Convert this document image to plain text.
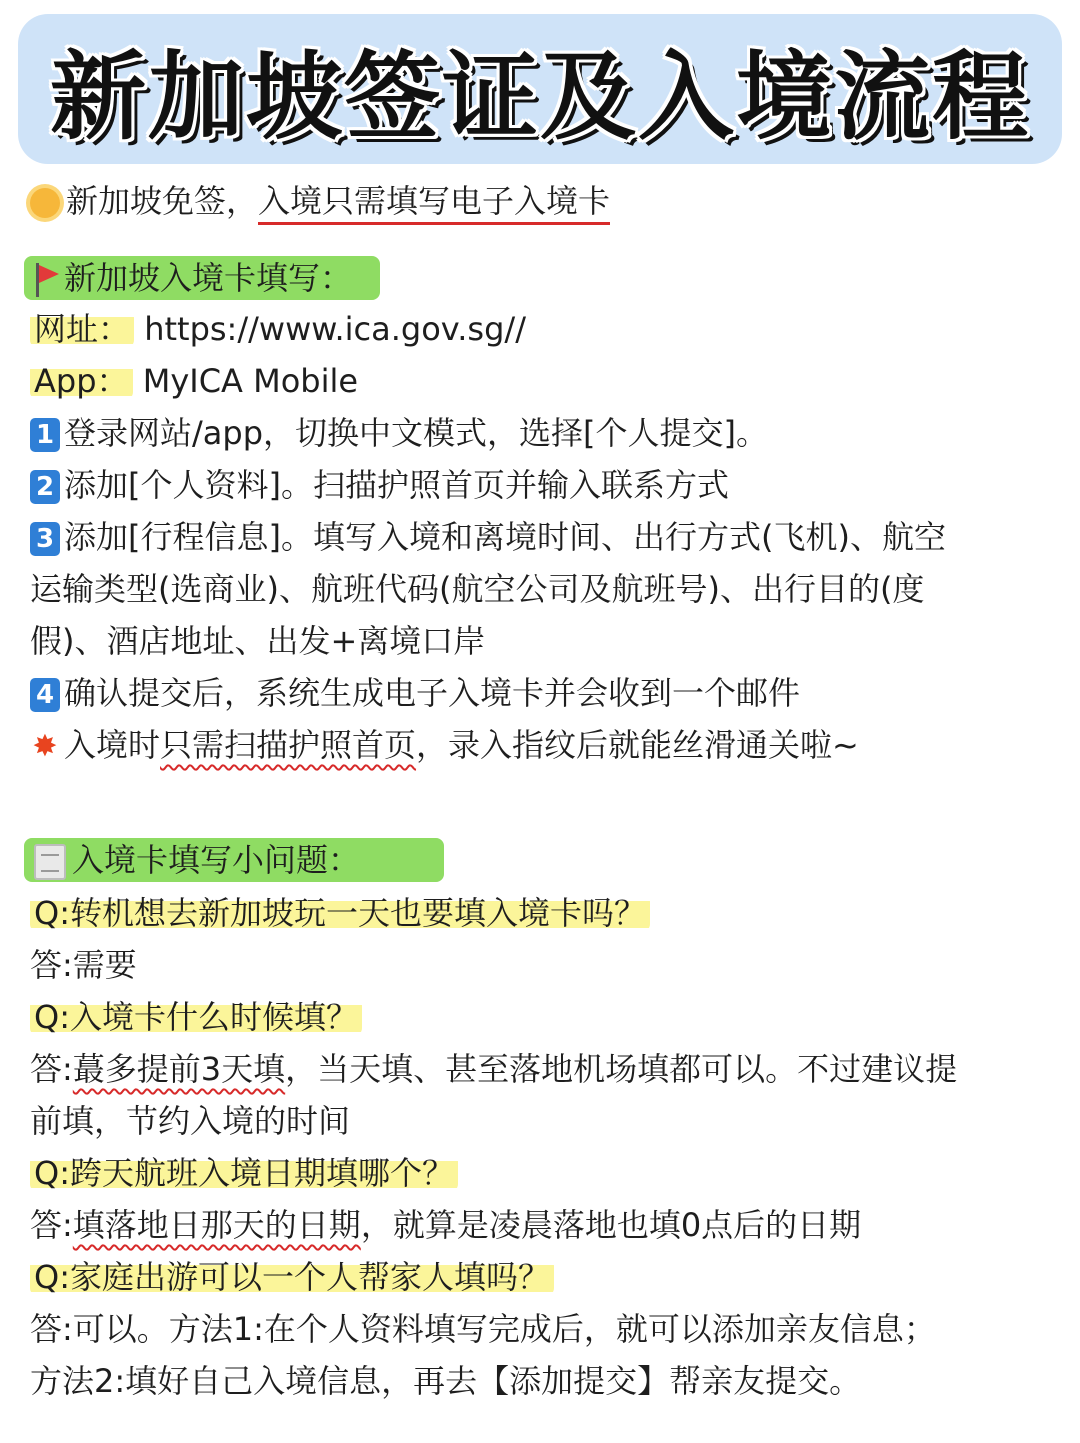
新加坡签证及入境流程
新加坡免签，入境只需填写电子入境卡
新加坡入境卡填写：
网址： https://www.ica.gov.sg//
App： MyICA Mobile
1 登录网站/app，切换中文模式，选择[个人提交]。
2 添加[个人资料]。扫描护照首页并输入联系方式
3 添加[行程信息]。填写入境和离境时间、出行方式(飞机)、航空
运输类型(选商业)、航班代码(航空公司及航班号)、出行目的(度
假)、酒店地址、出发+离境口岸
4 确认提交后，系统生成电子入境卡并会收到一个邮件
✸ 入境时只需扫描护照首页，录入指纹后就能丝滑通关啦~
入境卡填写小问题：
Q:转机想去新加坡玩一天也要填入境卡吗？
答:需要
Q:入境卡什么时候填？
答:蕞多提前3天填，当天填、甚至落地机场填都可以。不过建议提
前填，节约入境的时间
Q:跨天航班入境日期填哪个？
答:填落地日那天的日期，就算是凌晨落地也填0点后的日期
Q:家庭出游可以一个人帮家人填吗？
答:可以。方法1:在个人资料填写完成后，就可以添加亲友信息；
方法2:填好自己入境信息，再去【添加提交】帮亲友提交。
